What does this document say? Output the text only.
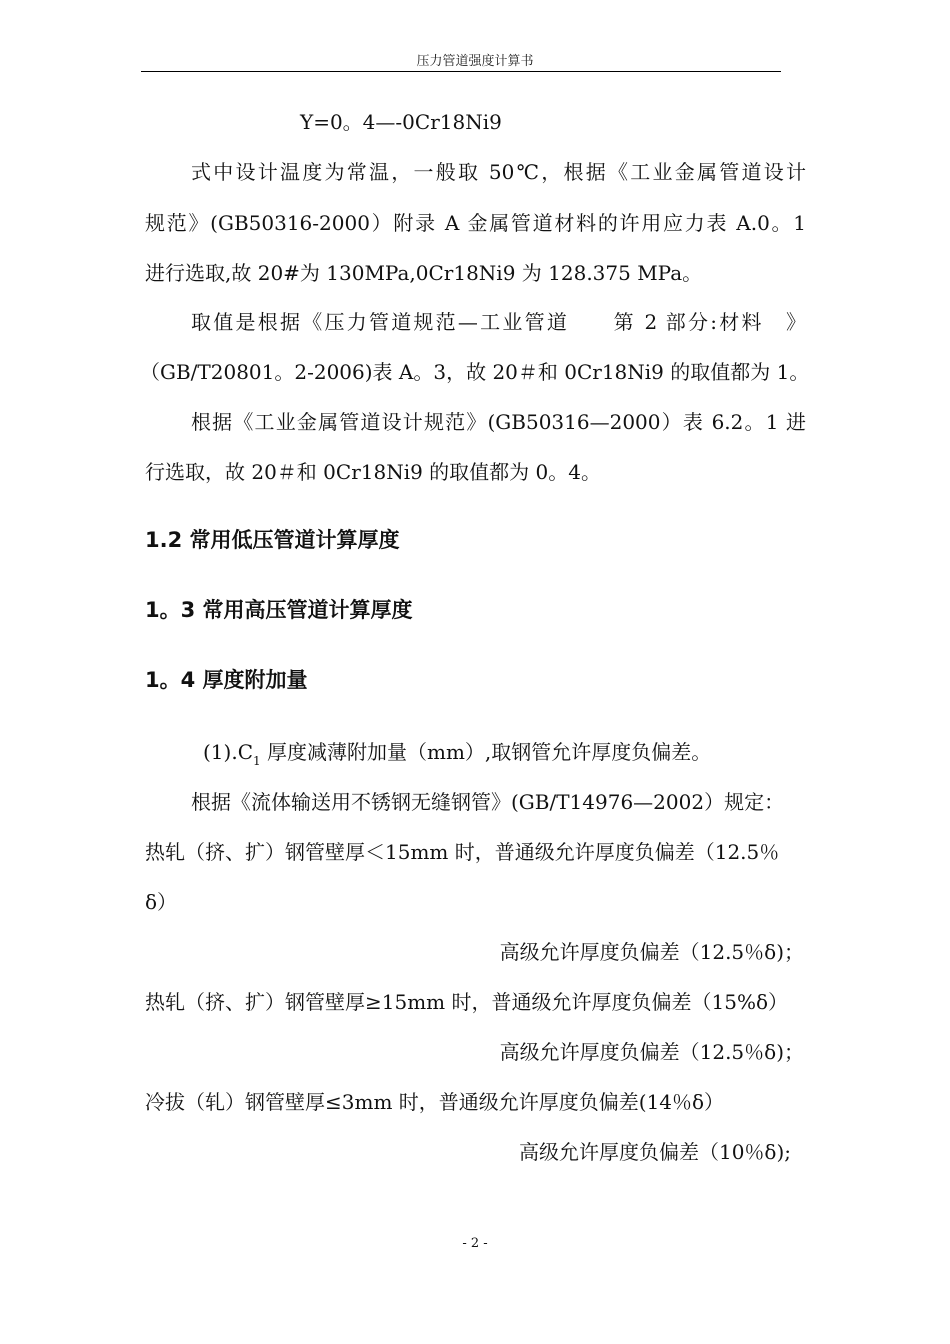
压力管道强度计算书
Y=0。4—-0Cr18Ni9
式中设计温度为常温，一般取 50℃，根据《工业金属管道设计
规范》(GB50316-2000）附录 A 金属管道材料的许用应力表 A.0。1
进行选取,故 20#为 130MPa,0Cr18Ni9 为 128.375 MPa。
取值是根据《压力管道规范—工业管道　　第 2 部分:材料　》
（GB/T20801。2-2006)表 A。3，故 20＃和 0Cr18Ni9 的取值都为 1。
根据《工业金属管道设计规范》(GB50316—2000）表 6.2。1 进
行选取，故 20＃和 0Cr18Ni9 的取值都为 0。4。
1.2 常用低压管道计算厚度
1。3 常用高压管道计算厚度
1。4 厚度附加量
$(1).C_1$ 厚度减薄附加量（mm）,取钢管允许厚度负偏差。
根据《流体输送用不锈钢无缝钢管》(GB/T14976—2002）规定：
热轧（挤、扩）钢管壁厚＜15mm 时，普通级允许厚度负偏差（12.5％
δ）
高级允许厚度负偏差（12.5％δ)；
热轧（挤、扩）钢管壁厚≥15mm 时，普通级允许厚度负偏差（15%δ）
高级允许厚度负偏差（12.5％δ)；
冷拔（轧）钢管壁厚≤3mm 时，普通级允许厚度负偏差(14％δ）
高级允许厚度负偏差（10％δ);
- 2 -
